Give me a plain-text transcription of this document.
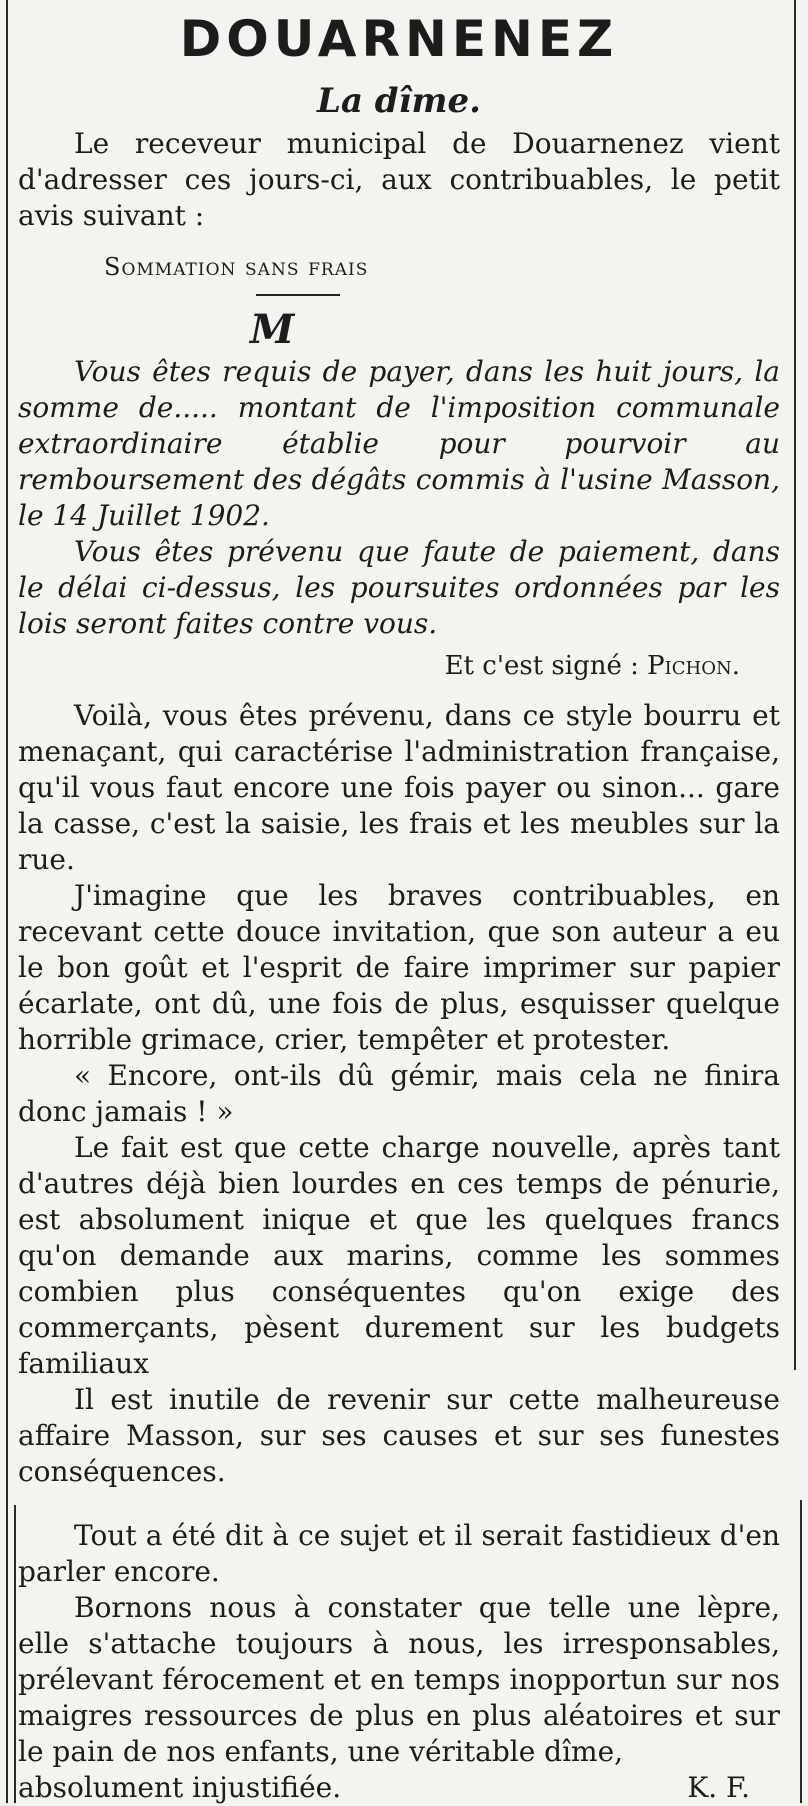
DOUARNENEZ
La dîme.

Le receveur municipal de Douarnenez vient d'adresser ces jours-ci, aux contribuables, le petit avis suivant :

Sommation sans frais
M

Vous êtes requis de payer, dans les huit jours, la somme de..... montant de l'imposition communale extraordinaire établie pour pourvoir au remboursement des dégâts commis à l'usine Masson, le 14 Juillet 1902.

Vous êtes prévenu que faute de paiement, dans le délai ci-dessus, les poursuites ordonnées par les lois seront faites contre vous.

Et c'est signé : Pichon.

Voilà, vous êtes prévenu, dans ce style bourru et menaçant, qui caractérise l'administration française, qu'il vous faut encore une fois payer ou sinon... gare la casse, c'est la saisie, les frais et les meubles sur la rue.

J'imagine que les braves contribuables, en recevant cette douce invitation, que son auteur a eu le bon goût et l'esprit de faire imprimer sur papier écarlate, ont dû, une fois de plus, esquisser quelque horrible grimace, crier, tempêter et protester.

« Encore, ont-ils dû gémir, mais cela ne finira donc jamais ! »

Le fait est que cette charge nouvelle, après tant d'autres déjà bien lourdes en ces temps de pénurie, est absolument inique et que les quelques francs qu'on demande aux marins, comme les sommes combien plus conséquentes qu'on exige des commerçants, pèsent durement sur les budgets familiaux

Il est inutile de revenir sur cette malheureuse affaire Masson, sur ses causes et sur ses funestes conséquences.

Tout a été dit à ce sujet et il serait fastidieux d'en parler encore.

Bornons nous à constater que telle une lèpre, elle s'attache toujours à nous, les irresponsables, prélevant férocement et en temps inopportun sur nos maigres ressources de plus en plus aléatoires et sur le pain de nos enfants, une véritable dîme,

absolument injustifiée.	K. F.
